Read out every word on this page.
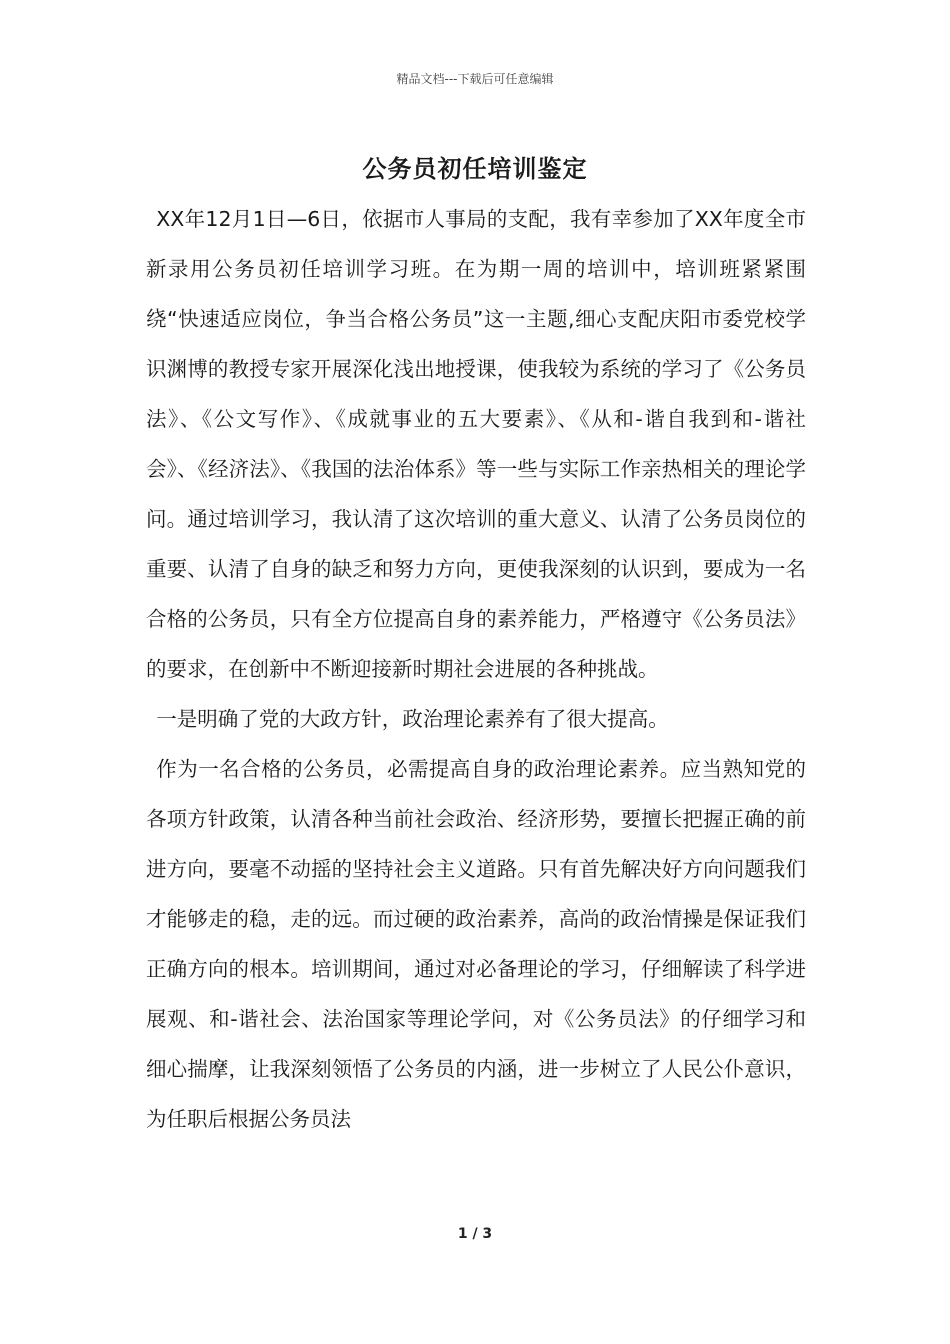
精品文档---下载后可任意编辑
公务员初任培训鉴定

XX年12月1日—6日，依据市人事局的支配，我有幸参加了XX年度全市新录用公务员初任培训学习班。在为期一周的培训中，培训班紧紧围绕“快速适应岗位，争当合格公务员”这一主题,细心支配庆阳市委党校学识渊博的教授专家开展深化浅出地授课，使我较为系统的学习了《公务员法》、《公文写作》、《成就事业的五大要素》、《从和-谐自我到和-谐社会》、《经济法》、《我国的法治体系》等一些与实际工作亲热相关的理论学问。通过培训学习，我认清了这次培训的重大意义、认清了公务员岗位的重要、认清了自身的缺乏和努力方向，更使我深刻的认识到，要成为一名合格的公务员，只有全方位提高自身的素养能力，严格遵守《公务员法》的要求，在创新中不断迎接新时期社会进展的各种挑战。

一是明确了党的大政方针，政治理论素养有了很大提高。

作为一名合格的公务员，必需提高自身的政治理论素养。应当熟知党的各项方针政策，认清各种当前社会政治、经济形势，要擅长把握正确的前进方向，要毫不动摇的坚持社会主义道路。只有首先解决好方向问题我们才能够走的稳，走的远。而过硬的政治素养，高尚的政治情操是保证我们正确方向的根本。培训期间，通过对必备理论的学习，仔细解读了科学进展观、和-谐社会、法治国家等理论学问，对《公务员法》的仔细学习和细心揣摩，让我深刻领悟了公务员的内涵，进一步树立了人民公仆意识，为任职后根据公务员法

1 / 3
